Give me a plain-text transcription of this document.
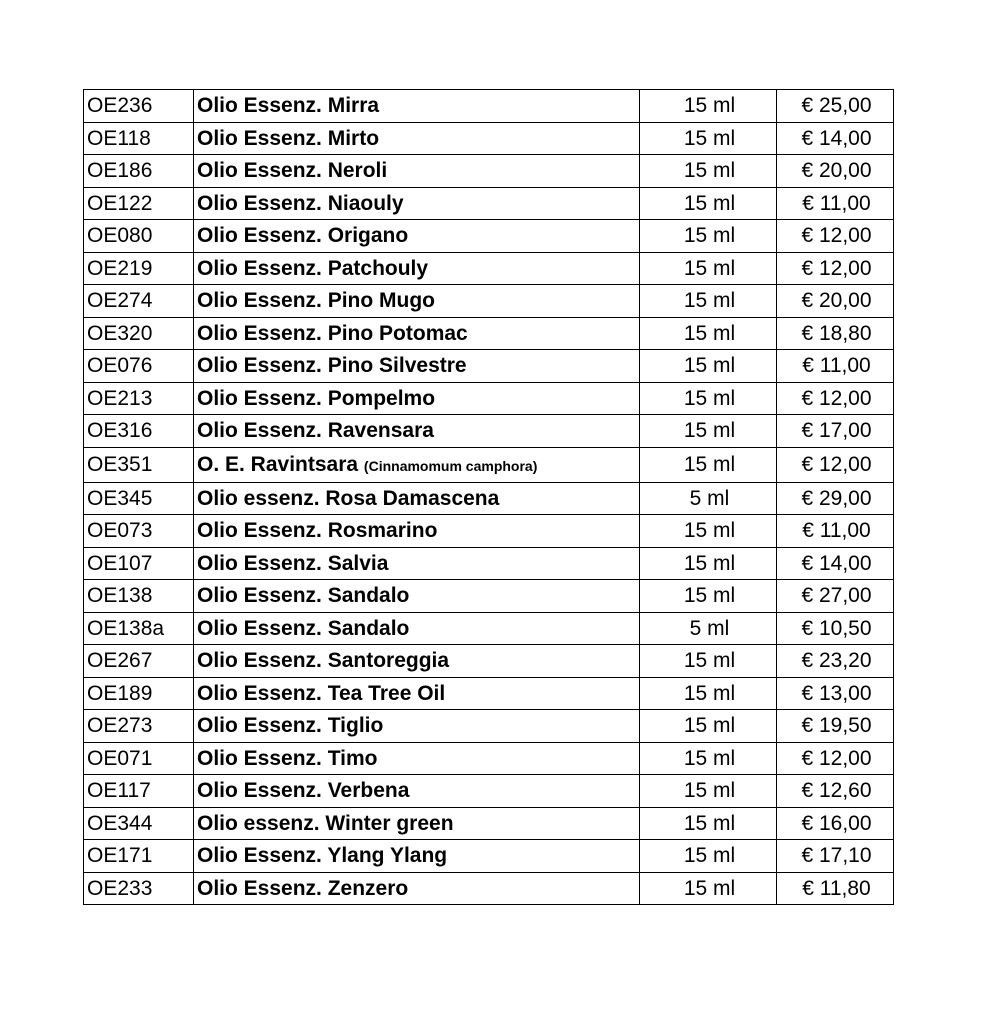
OE236	Olio Essenz. Mirra	15 ml	€ 25,00
OE118	Olio Essenz. Mirto	15 ml	€ 14,00
OE186	Olio Essenz. Neroli	15 ml	€ 20,00
OE122	Olio Essenz. Niaouly	15 ml	€ 11,00
OE080	Olio Essenz. Origano	15 ml	€ 12,00
OE219	Olio Essenz. Patchouly	15 ml	€ 12,00
OE274	Olio Essenz. Pino Mugo	15 ml	€ 20,00
OE320	Olio Essenz. Pino Potomac	15 ml	€ 18,80
OE076	Olio Essenz. Pino Silvestre	15 ml	€ 11,00
OE213	Olio Essenz. Pompelmo	15 ml	€ 12,00
OE316	Olio Essenz. Ravensara	15 ml	€ 17,00
OE351	O. E. Ravintsara (Cinnamomum camphora)	15 ml	€ 12,00
OE345	Olio essenz. Rosa Damascena	5 ml	€ 29,00
OE073	Olio Essenz. Rosmarino	15 ml	€ 11,00
OE107	Olio Essenz. Salvia	15 ml	€ 14,00
OE138	Olio Essenz. Sandalo	15 ml	€ 27,00
OE138a	Olio Essenz. Sandalo	5 ml	€ 10,50
OE267	Olio Essenz. Santoreggia	15 ml	€ 23,20
OE189	Olio Essenz. Tea Tree Oil	15 ml	€ 13,00
OE273	Olio Essenz. Tiglio	15 ml	€ 19,50
OE071	Olio Essenz. Timo	15 ml	€ 12,00
OE117	Olio Essenz. Verbena	15 ml	€ 12,60
OE344	Olio essenz. Winter green	15 ml	€ 16,00
OE171	Olio Essenz. Ylang Ylang	15 ml	€ 17,10
OE233	Olio Essenz. Zenzero	15 ml	€ 11,80
